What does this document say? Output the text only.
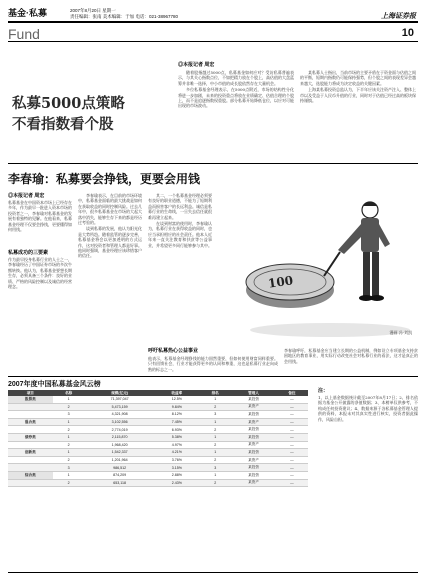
基金·私募	2007年8月20日 星期一
责任编辑：张南 美术编辑：于加 电话：021-38967780	上海证券报
Fund	10
私募5000点策略
不看指数看个股
◎本报记者 周宏

随着股指越过5000点，私募基金如何应对？受访私募普遍表示，与其关心指数点位，不如把精力放在个股上，高估值的大盘蓝筹并非唯一选择，中小市值的成长股依然存在大量机会。

多位私募基金经理表示，在5000点附近，市场的结构性分化将进一步加剧，未来的投资重点将放在业绩确定、估值合理的个股上，而不是追逐指数权重股。部分私募开始降低仓位，以应对可能出现的市场波动。

某私募人士指出，当前市场的主要矛盾在于资金面与估值之间的平衡，短期内指数仍可能保持强势，但个股之间的表现差异会越来越大，选股能力将成为决定收益的关键因素。

上海某私募投资总监认为，下半年应该关注资产注入、整体上市以及受益于人民币升值的行业，同时对于估值已经过高的板块保持谨慎。

李春瑜：私募要会挣钱，更要会用钱
◎本报记者 周宏
私募基金在中国资本市场上已经存在多年，作为最早一批进入资本市场的投资者之一，李春瑜对私募基金的发展有着独特的见解。在他看来，私募基金经理不仅要会挣钱，更要懂得如何用钱。
私募成功的三要素
作为最早投身私募行业的人士之一，李春瑜经历了中国证券市场的多次牛熊转换。他认为，私募基金要想长期生存，必须具备三个条件：良好的业绩、严格的风险控制以及诚信的经营理念。

李春瑜表示，在目前的市场环境中，私募基金面临的最大挑战是如何在获取收益的同时控制风险。过去几年中，很多私募基金在市场的大起大落中消失，能够生存下来的都是经历过考验的。

谈到私募的发展，他认为阳光化是大势所趋。随着监管的逐步完善，私募基金将会以更加透明的方式运作，这对投资者和管理人都是好事。他同时强调，基金经理应该珍惜客户的信任。

其二，一个私募基金经理必须要有良好的职业道德，不能为了短期利益而损害客户的长远利益。诚信是私募行业的生命线，一旦失去信任就很难再建立起来。

在谈到财富的使用时，李春瑜认为，私募行业在获得收益的同时，也应当承担相应的社会责任。他本人近年来一直关注教育和扶贫等公益事业，并希望更多同行能够参与其中。

100
漫画 冯·刘凯
呼吁私募热心公益事业
他表示，私募基金经理挣钱的能力固然重要，但如何使用财富同样重要。只有回馈社会，行业才能获得更多的认同和尊重，这也是私募行业走向成熟的标志之一。
李春瑜呼吁，私募基金应当建立长期的公益机制，例如设立专项基金支持贫困地区的教育事业，用实际行动改变社会对私募行业的看法，这才是真正的会用钱。
2007年度中国私募基金风云榜
项目	名称	规模(亿元)	收益率	排名	管理人	备注
股票类	1	71,397,047	12.5%	1	某投资	—
	2	5,473,159	9.84%	2	某资产	—
	3	4,321,908	8.12%	3	某投资	—
混合类	1	3,102,556	7.45%	1	某资产	—
	2	2,774,019	6.93%	2	某投资	—
债券类	1	2,115,870	5.38%	1	某投资	—
	2	1,968,420	4.97%	2	某资产	—
创新类	1	1,542,337	4.21%	1	某投资	—
	2	1,201,964	3.76%	2	某资产	—
	3	986,512	3.15%	3	某投资	—
综合类	1	874,209	2.88%	1	某投资	—
	2	653,118	2.43%	2	某资产	—
注：
1、以上基金数据统计截至2007年8月17日；2、排名依据为基金公开披露的净值数据；3、本榜单仅供参考，不构成任何投资建议；4、数据来源于各私募基金管理人提供的资料，本报未对其真实性进行核实，投资者据此操作，风险自担。
